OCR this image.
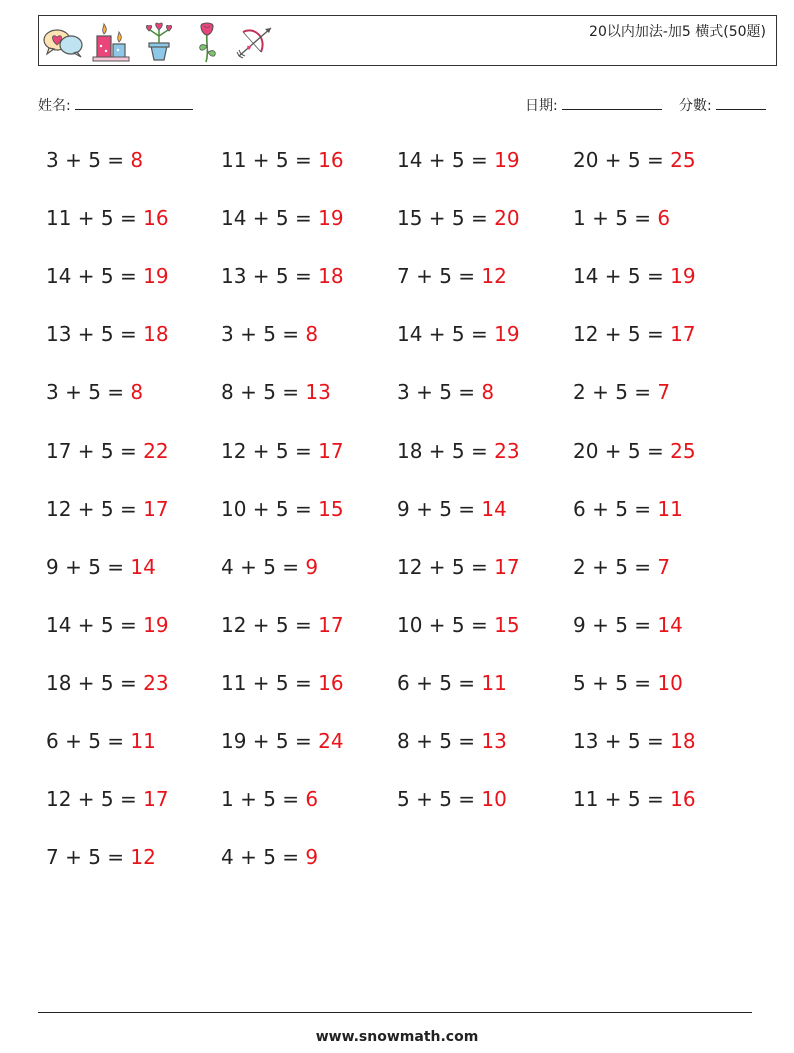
20以内加法-加5 横式(50題)
姓名:	日期:	分數:
3 + 5 = 8	11 + 5 = 16	14 + 5 = 19	20 + 5 = 25
11 + 5 = 16	14 + 5 = 19	15 + 5 = 20	1 + 5 = 6
14 + 5 = 19	13 + 5 = 18	7 + 5 = 12	14 + 5 = 19
13 + 5 = 18	3 + 5 = 8	14 + 5 = 19	12 + 5 = 17
3 + 5 = 8	8 + 5 = 13	3 + 5 = 8	2 + 5 = 7
17 + 5 = 22	12 + 5 = 17	18 + 5 = 23	20 + 5 = 25
12 + 5 = 17	10 + 5 = 15	9 + 5 = 14	6 + 5 = 11
9 + 5 = 14	4 + 5 = 9	12 + 5 = 17	2 + 5 = 7
14 + 5 = 19	12 + 5 = 17	10 + 5 = 15	9 + 5 = 14
18 + 5 = 23	11 + 5 = 16	6 + 5 = 11	5 + 5 = 10
6 + 5 = 11	19 + 5 = 24	8 + 5 = 13	13 + 5 = 18
12 + 5 = 17	1 + 5 = 6	5 + 5 = 10	11 + 5 = 16
7 + 5 = 12	4 + 5 = 9
www.snowmath.com
